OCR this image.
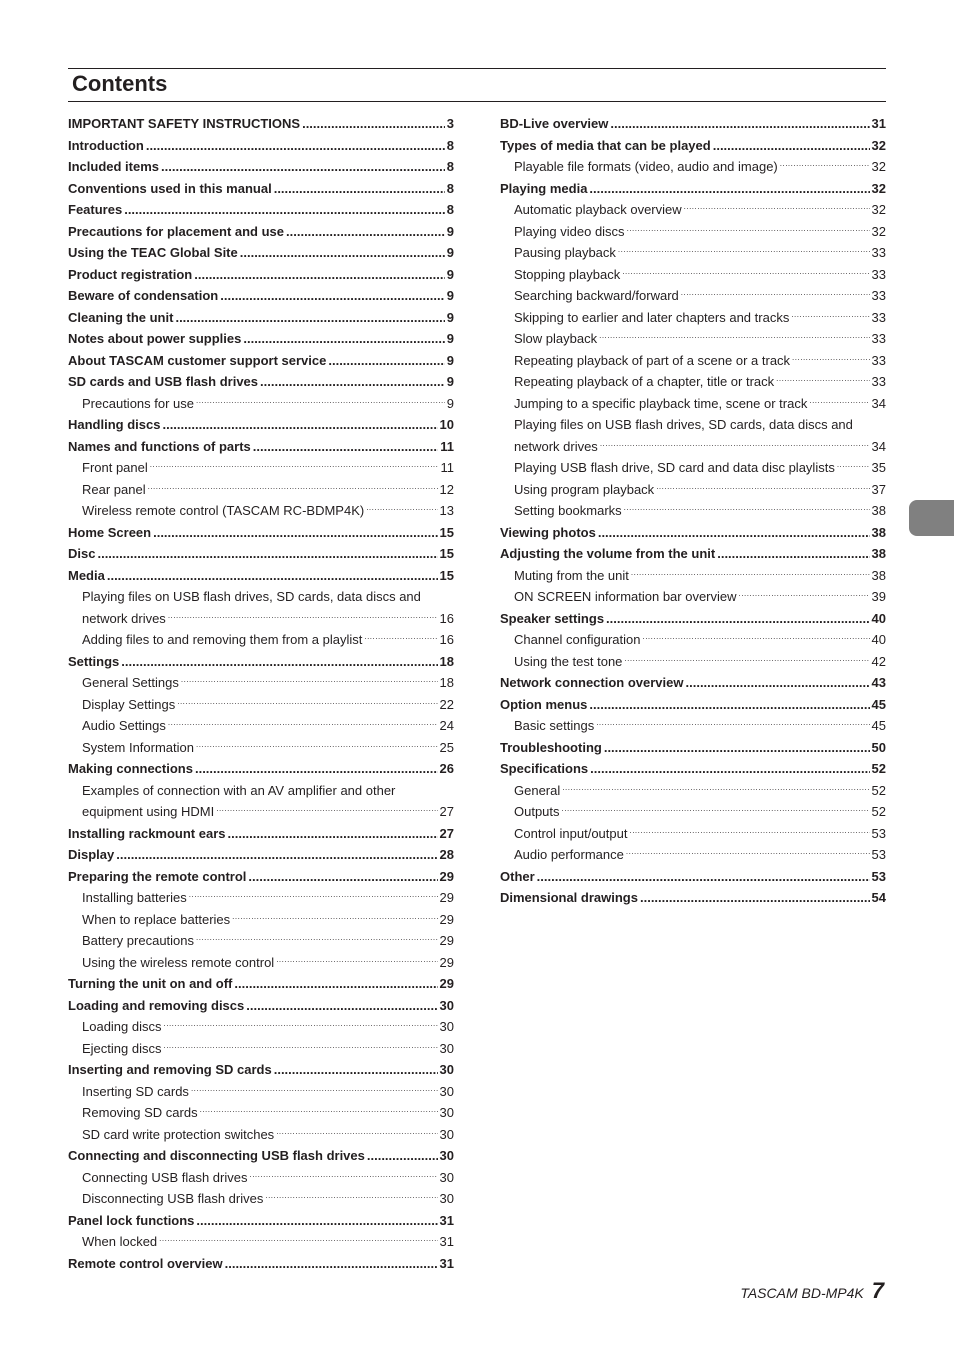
Contents
IMPORTANT SAFETY INSTRUCTIONS .....	3
Introduction .....	8
Included items .....	8
Conventions used in this manual .....	8
Features .....	8
Precautions for placement and use .....	9
Using the TEAC Global Site .....	9
Product registration .....	9
Beware of condensation .....	9
Cleaning the unit .....	9
Notes about power supplies .....	9
About TASCAM customer support service .....	9
SD cards and USB flash drives .....	9
Precautions for use .....	9
Handling discs .....	10
Names and functions of parts .....	11
Front panel .....	11
Rear panel .....	12
Wireless remote control (TASCAM RC-BDMP4K) .....	13
Home Screen .....	15
Disc .....	15
Media .....	15
Playing files on USB flash drives, SD cards, data discs and
network drives .....	16
Adding files to and removing them from a playlist .....	16
Settings .....	18
General Settings .....	18
Display Settings .....	22
Audio Settings .....	24
System Information .....	25
Making connections .....	26
Examples of connection with an AV amplifier and other
equipment using HDMI .....	27
Installing rackmount ears .....	27
Display .....	28
Preparing the remote control .....	29
Installing batteries .....	29
When to replace batteries .....	29
Battery precautions .....	29
Using the wireless remote control .....	29
Turning the unit on and off .....	29
Loading and removing discs .....	30
Loading discs .....	30
Ejecting discs .....	30
Inserting and removing SD cards .....	30
Inserting SD cards .....	30
Removing SD cards .....	30
SD card write protection switches .....	30
Connecting and disconnecting USB flash drives .....	30
Connecting USB flash drives .....	30
Disconnecting USB flash drives .....	30
Panel lock functions .....	31
When locked .....	31
Remote control overview .....	31
BD-Live overview .....	31
Types of media that can be played .....	32
Playable file formats (video, audio and image) .....	32
Playing media .....	32
Automatic playback overview .....	32
Playing video discs .....	32
Pausing playback .....	33
Stopping playback .....	33
Searching backward/forward .....	33
Skipping to earlier and later chapters and tracks .....	33
Slow playback .....	33
Repeating playback of part of a scene or a track .....	33
Repeating playback of a chapter, title or track .....	33
Jumping to a specific playback time, scene or track .....	34
Playing files on USB flash drives, SD cards, data discs and
network drives .....	34
Playing USB flash drive, SD card and data disc playlists .....	35
Using program playback .....	37
Setting bookmarks .....	38
Viewing photos .....	38
Adjusting the volume from the unit .....	38
Muting from the unit .....	38
ON SCREEN information bar overview .....	39
Speaker settings .....	40
Channel configuration .....	40
Using the test tone .....	42
Network connection overview .....	43
Option menus .....	45
Basic settings .....	45
Troubleshooting .....	50
Specifications .....	52
General .....	52
Outputs .....	52
Control input/output .....	53
Audio performance .....	53
Other .....	53
Dimensional drawings .....	54
TASCAM BD-MP4K 7
